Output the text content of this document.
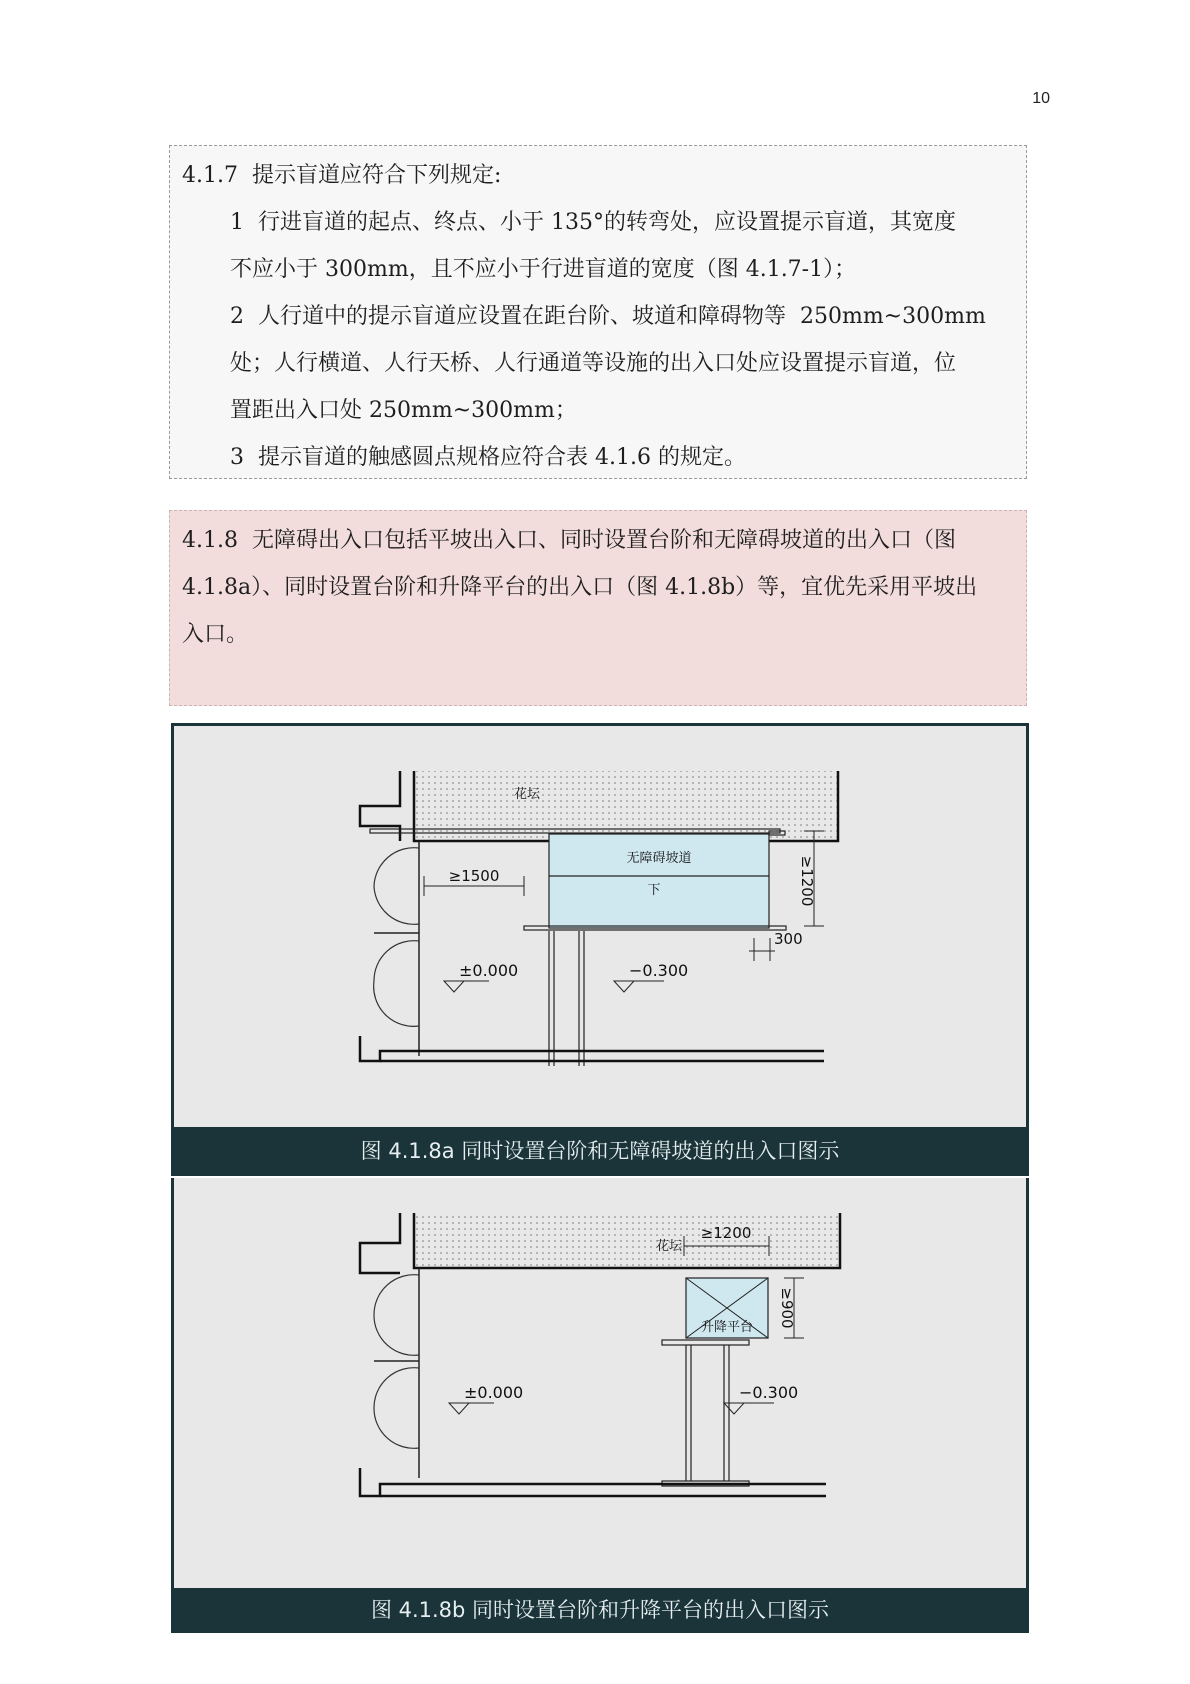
10

4.1.7  提示盲道应符合下列规定:

1  行进盲道的起点、终点、小于 135°的转弯处，应设置提示盲道，其宽度

不应小于 300mm，且不应小于行进盲道的宽度（图 4.1.7-1）；

2  人行道中的提示盲道应设置在距台阶、坡道和障碍物等  250mm~300mm

处；人行横道、人行天桥、人行通道等设施的出入口处应设置提示盲道，位

置距出入口处 250mm~300mm；

3  提示盲道的触感圆点规格应符合表 4.1.6 的规定。

4.1.8  无障碍出入口包括平坡出入口、同时设置台阶和无障碍坡道的出入口（图

4.1.8a）、同时设置台阶和升降平台的出入口（图 4.1.8b）等，宜优先采用平坡出

入口。

无障碍坡道
下
花坛
≥1500	≥1200
300
±0.000	−0.300
图 4.1.8a 同时设置台阶和无障碍坡道的出入口图示
花坛
≥1200
升降平台 ≥900
±0.000	−0.300
图 4.1.8b 同时设置台阶和升降平台的出入口图示
